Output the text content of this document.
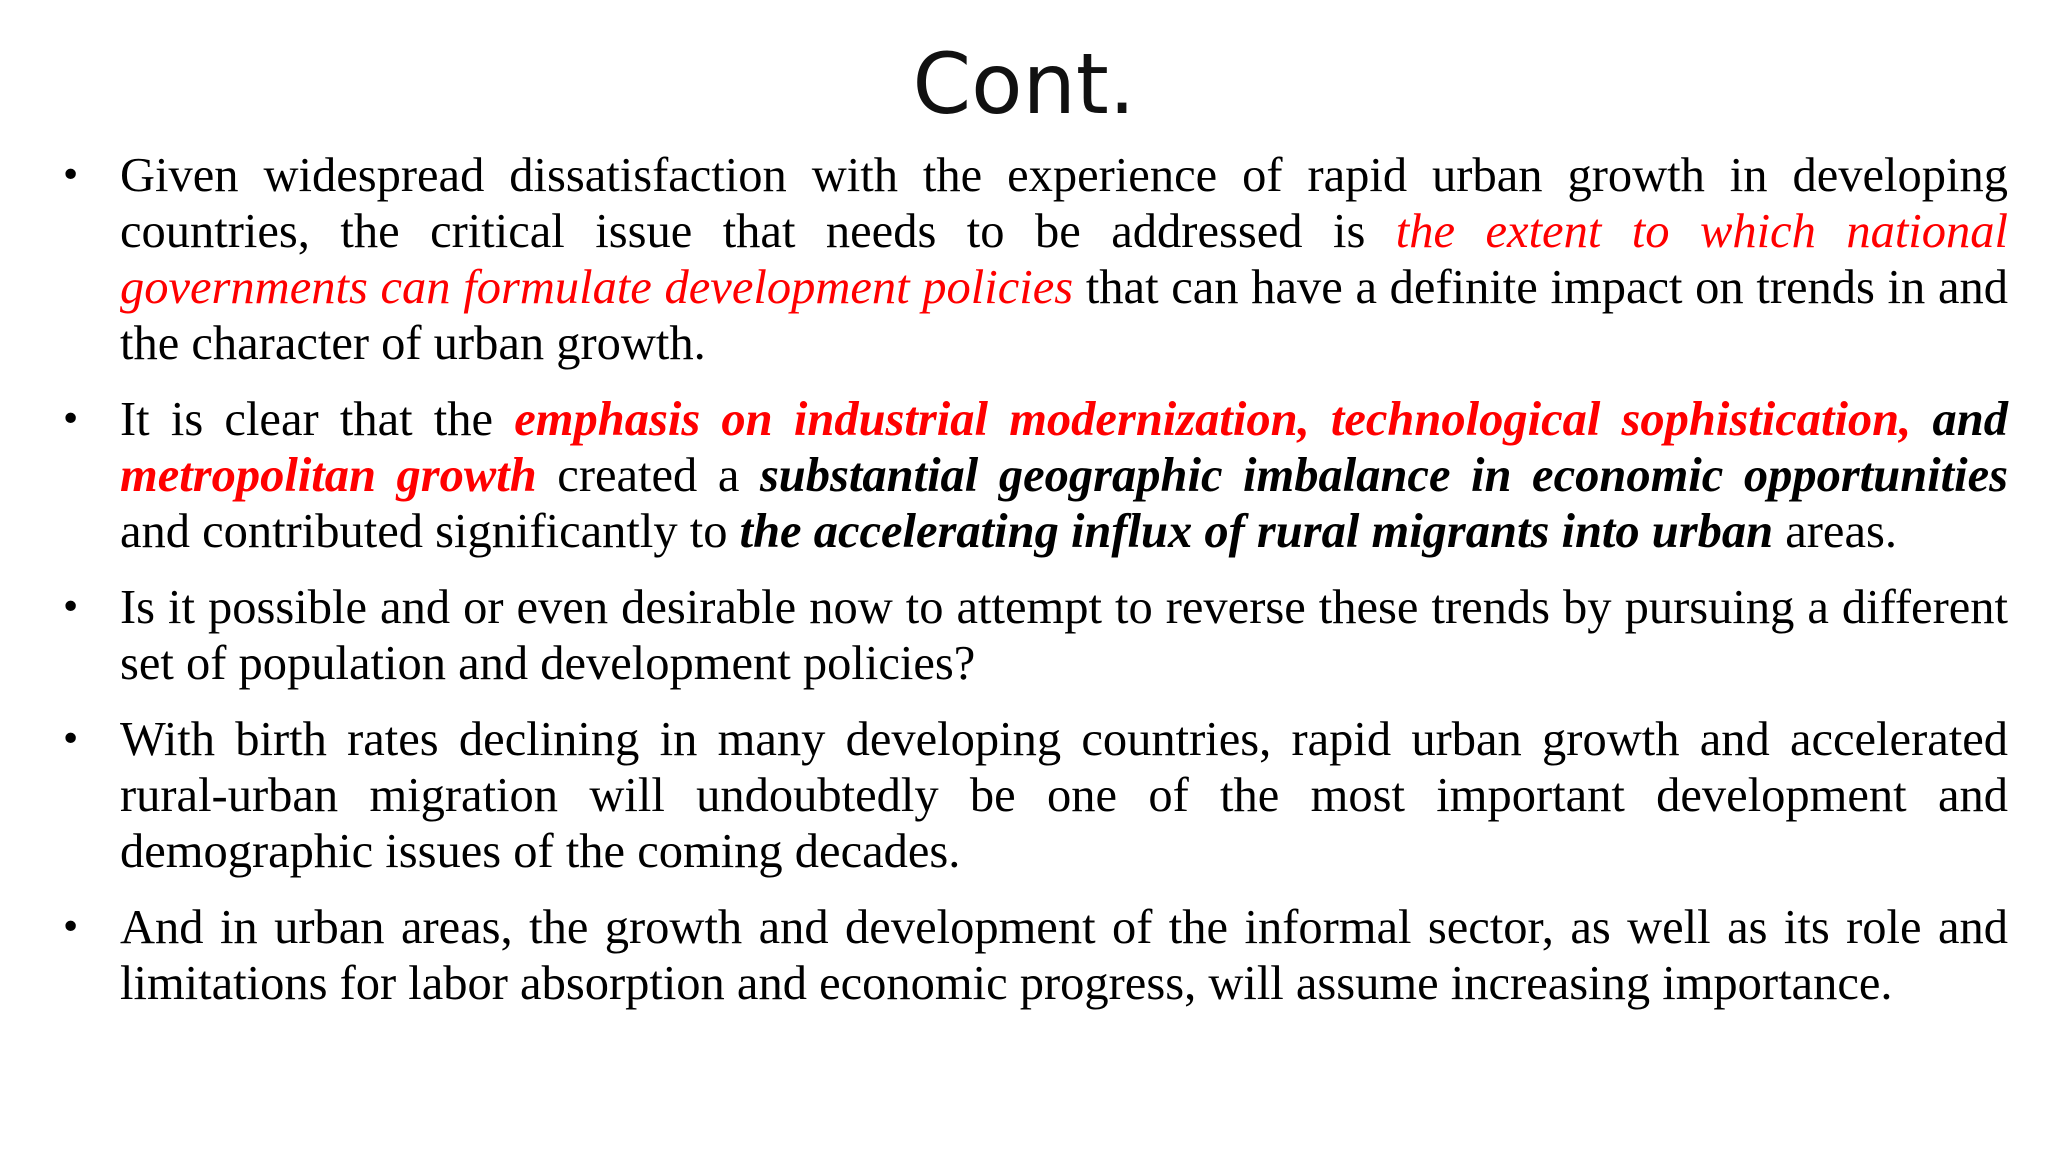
Cont.
• Given widespread dissatisfaction with the experience of rapid urban growth in developing countries, the critical issue that needs to be addressed is the extent to which national governments can formulate development policies that can have a definite impact on trends in and the character of urban growth.
• It is clear that the emphasis on industrial modernization, technological sophistication, and metropolitan growth created a substantial geographic imbalance in economic opportunities and contributed significantly to the accelerating influx of rural migrants into urban areas.
• Is it possible and or even desirable now to attempt to reverse these trends by pursuing a different set of population and development policies?
• With birth rates declining in many developing countries, rapid urban growth and accelerated rural-urban migration will undoubtedly be one of the most important development and demographic issues of the coming decades.
• And in urban areas, the growth and development of the informal sector, as well as its role and limitations for labor absorption and economic progress, will assume increasing importance.
